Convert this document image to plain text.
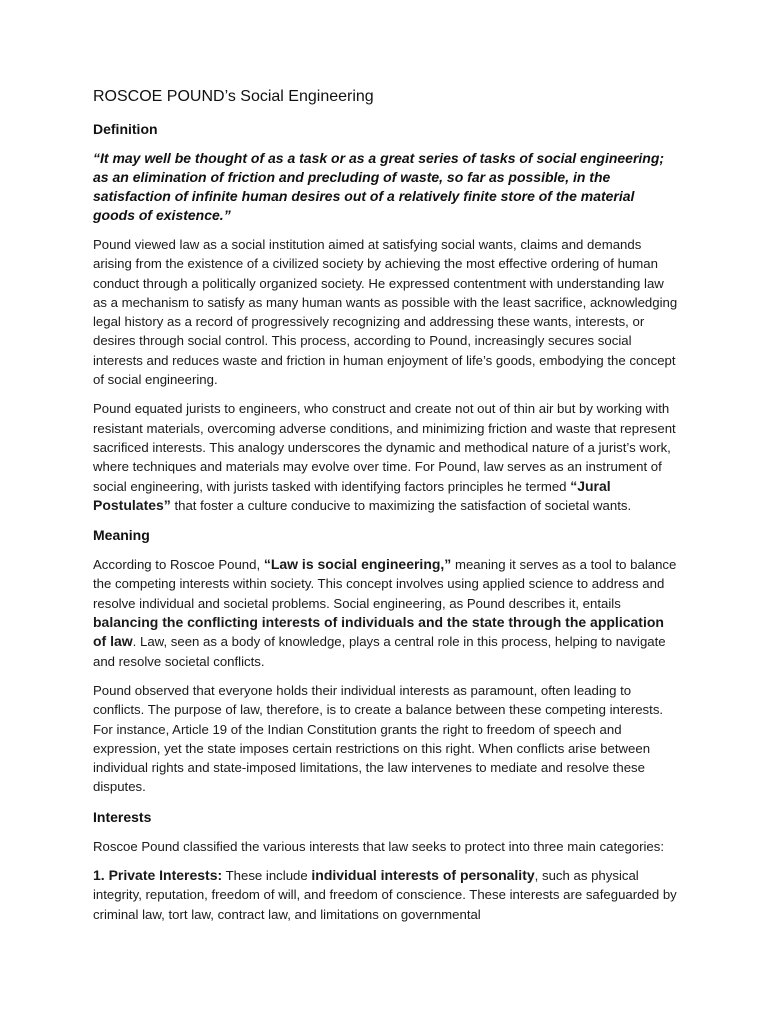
ROSCOE POUND’s Social Engineering
Definition

“It may well be thought of as a task or as a great series of tasks of social engineering; as an elimination of friction and precluding of waste, so far as possible, in the satisfaction of infinite human desires out of a relatively finite store of the material goods of existence.”

Pound viewed law as a social institution aimed at satisfying social wants, claims and demands arising from the existence of a civilized society by achieving the most effective ordering of human conduct through a politically organized society. He expressed contentment with understanding law as a mechanism to satisfy as many human wants as possible with the least sacrifice, acknowledging legal history as a record of progressively recognizing and addressing these wants, interests, or desires through social control. This process, according to Pound, increasingly secures social interests and reduces waste and friction in human enjoyment of life’s goods, embodying the concept of social engineering.

Pound equated jurists to engineers, who construct and create not out of thin air but by working with resistant materials, overcoming adverse conditions, and minimizing friction and waste that represent sacrificed interests. This analogy underscores the dynamic and methodical nature of a jurist’s work, where techniques and materials may evolve over time. For Pound, law serves as an instrument of social engineering, with jurists tasked with identifying factors principles he termed “Jural Postulates” that foster a culture conducive to maximizing the satisfaction of societal wants.

Meaning

According to Roscoe Pound, “Law is social engineering,” meaning it serves as a tool to balance the competing interests within society. This concept involves using applied science to address and resolve individual and societal problems. Social engineering, as Pound describes it, entails balancing the conflicting interests of individuals and the state through the application of law. Law, seen as a body of knowledge, plays a central role in this process, helping to navigate and resolve societal conflicts.

Pound observed that everyone holds their individual interests as paramount, often leading to conflicts. The purpose of law, therefore, is to create a balance between these competing interests. For instance, Article 19 of the Indian Constitution grants the right to freedom of speech and expression, yet the state imposes certain restrictions on this right. When conflicts arise between individual rights and state-imposed limitations, the law intervenes to mediate and resolve these disputes.

Interests

Roscoe Pound classified the various interests that law seeks to protect into three main categories:

1. Private Interests: These include individual interests of personality, such as physical integrity, reputation, freedom of will, and freedom of conscience. These interests are safeguarded by criminal law, tort law, contract law, and limitations on governmental
